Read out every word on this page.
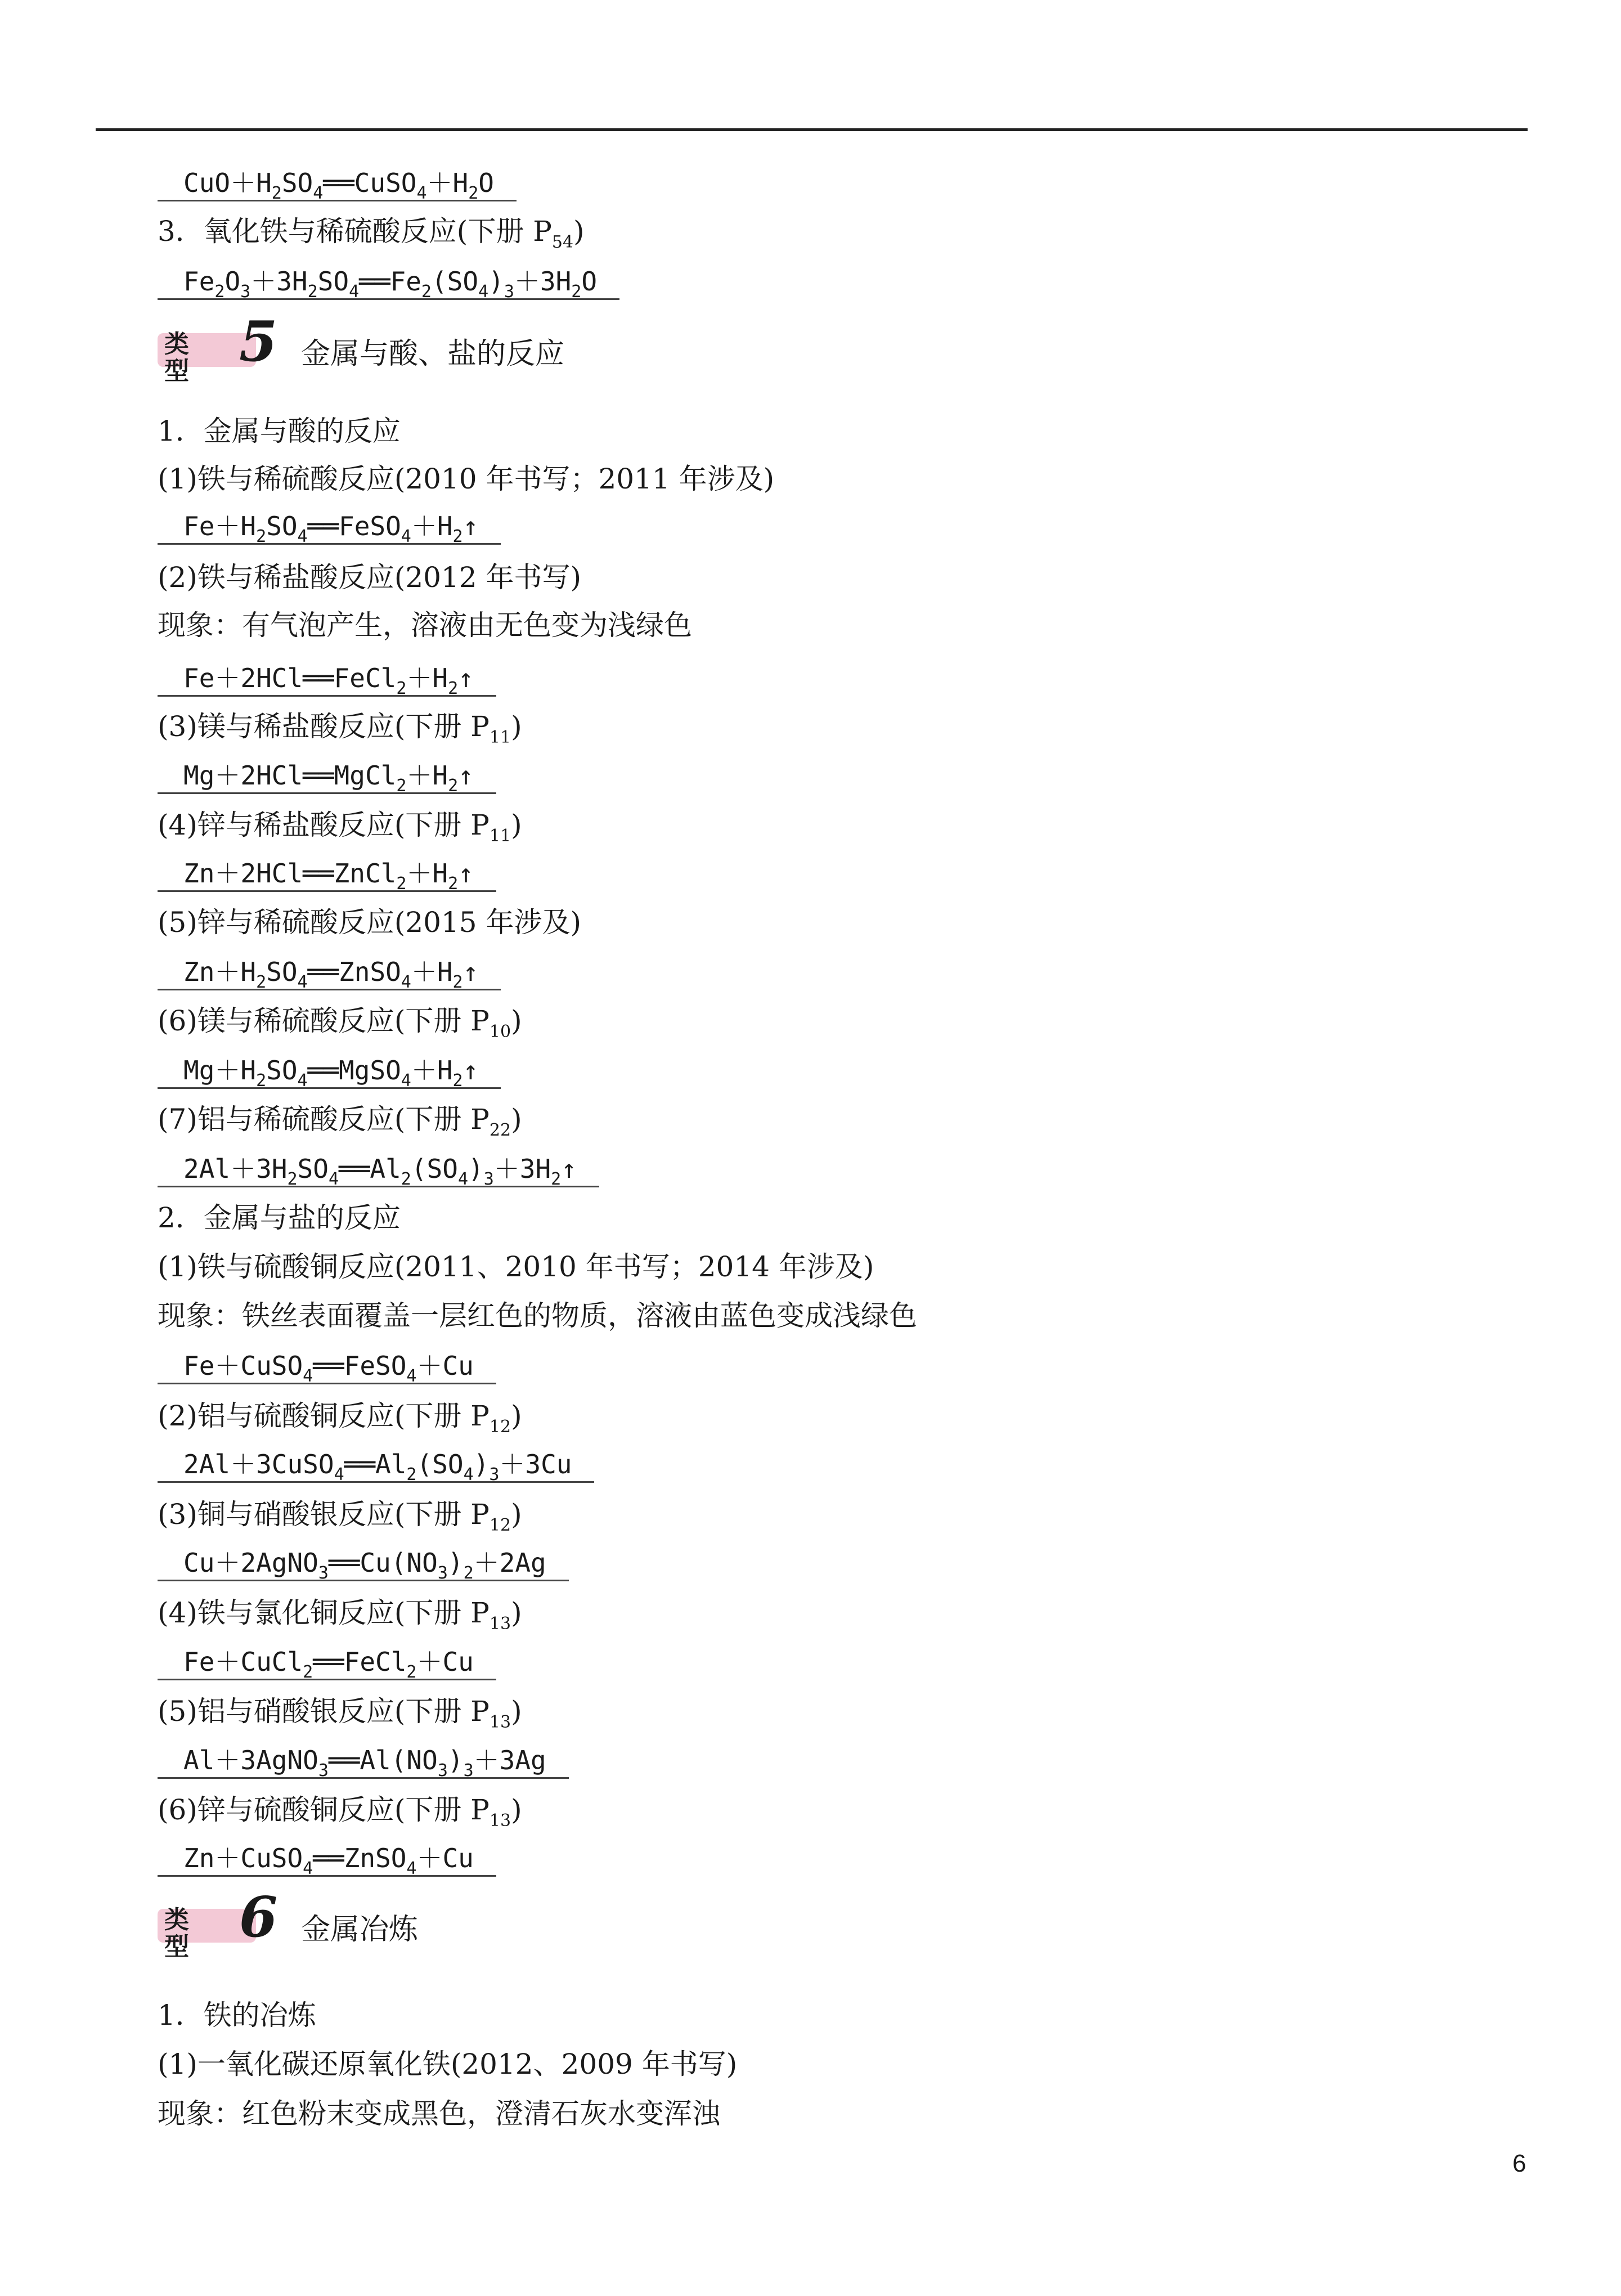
$CuO+H_2SO_4══CuSO_4+H_2O$
3．氧化铁与稀硫酸反应(下册 $P_{54}$)
$Fe_2O_3+3H_2SO_4══Fe_2(SO_4)_3+3H_2O$
类型 5 金属与酸、盐的反应
1．金属与酸的反应
(1)铁与稀硫酸反应(2010 年书写；2011 年涉及)
$Fe+H_2SO_4══FeSO_4+H_2↑$
(2)铁与稀盐酸反应(2012 年书写)
现象：有气泡产生，溶液由无色变为浅绿色
$Fe+2HCl══FeCl_2+H_2↑$
(3)镁与稀盐酸反应(下册 $P_{11}$)
$Mg+2HCl══MgCl_2+H_2↑$
(4)锌与稀盐酸反应(下册 $P_{11}$)
$Zn+2HCl══ZnCl_2+H_2↑$
(5)锌与稀硫酸反应(2015 年涉及)
$Zn+H_2SO_4══ZnSO_4+H_2↑$
(6)镁与稀硫酸反应(下册 $P_{10}$)
$Mg+H_2SO_4══MgSO_4+H_2↑$
(7)铝与稀硫酸反应(下册 $P_{22}$)
$2Al+3H_2SO_4══Al_2(SO_4)_3+3H_2↑$
2．金属与盐的反应
(1)铁与硫酸铜反应(2011、2010 年书写；2014 年涉及)
现象：铁丝表面覆盖一层红色的物质，溶液由蓝色变成浅绿色
Fe＋CuSO$_4$══FeSO$_4$＋Cu
(2)铝与硫酸铜反应(下册 $P_{12}$)
$2Al+3CuSO_4══Al_2(SO_4)_3+3Cu$
(3)铜与硝酸银反应(下册 $P_{12}$)
$Cu+2AgNO_3══Cu(NO_3)_2+2Ag$
(4)铁与氯化铜反应(下册 $P_{13}$)
Fe＋CuCl$_2$══FeCl$_2$＋Cu
(5)铝与硝酸银反应(下册 $P_{13}$)
$Al+3AgNO_3══Al(NO_3)_3+3Ag$
(6)锌与硫酸铜反应(下册 $P_{13}$)
Zn＋CuSO$_4$══ZnSO$_4$＋Cu
类型 6 金属冶炼
1．铁的冶炼
(1)一氧化碳还原氧化铁(2012、2009 年书写)
现象：红色粉末变成黑色，澄清石灰水变浑浊
6
